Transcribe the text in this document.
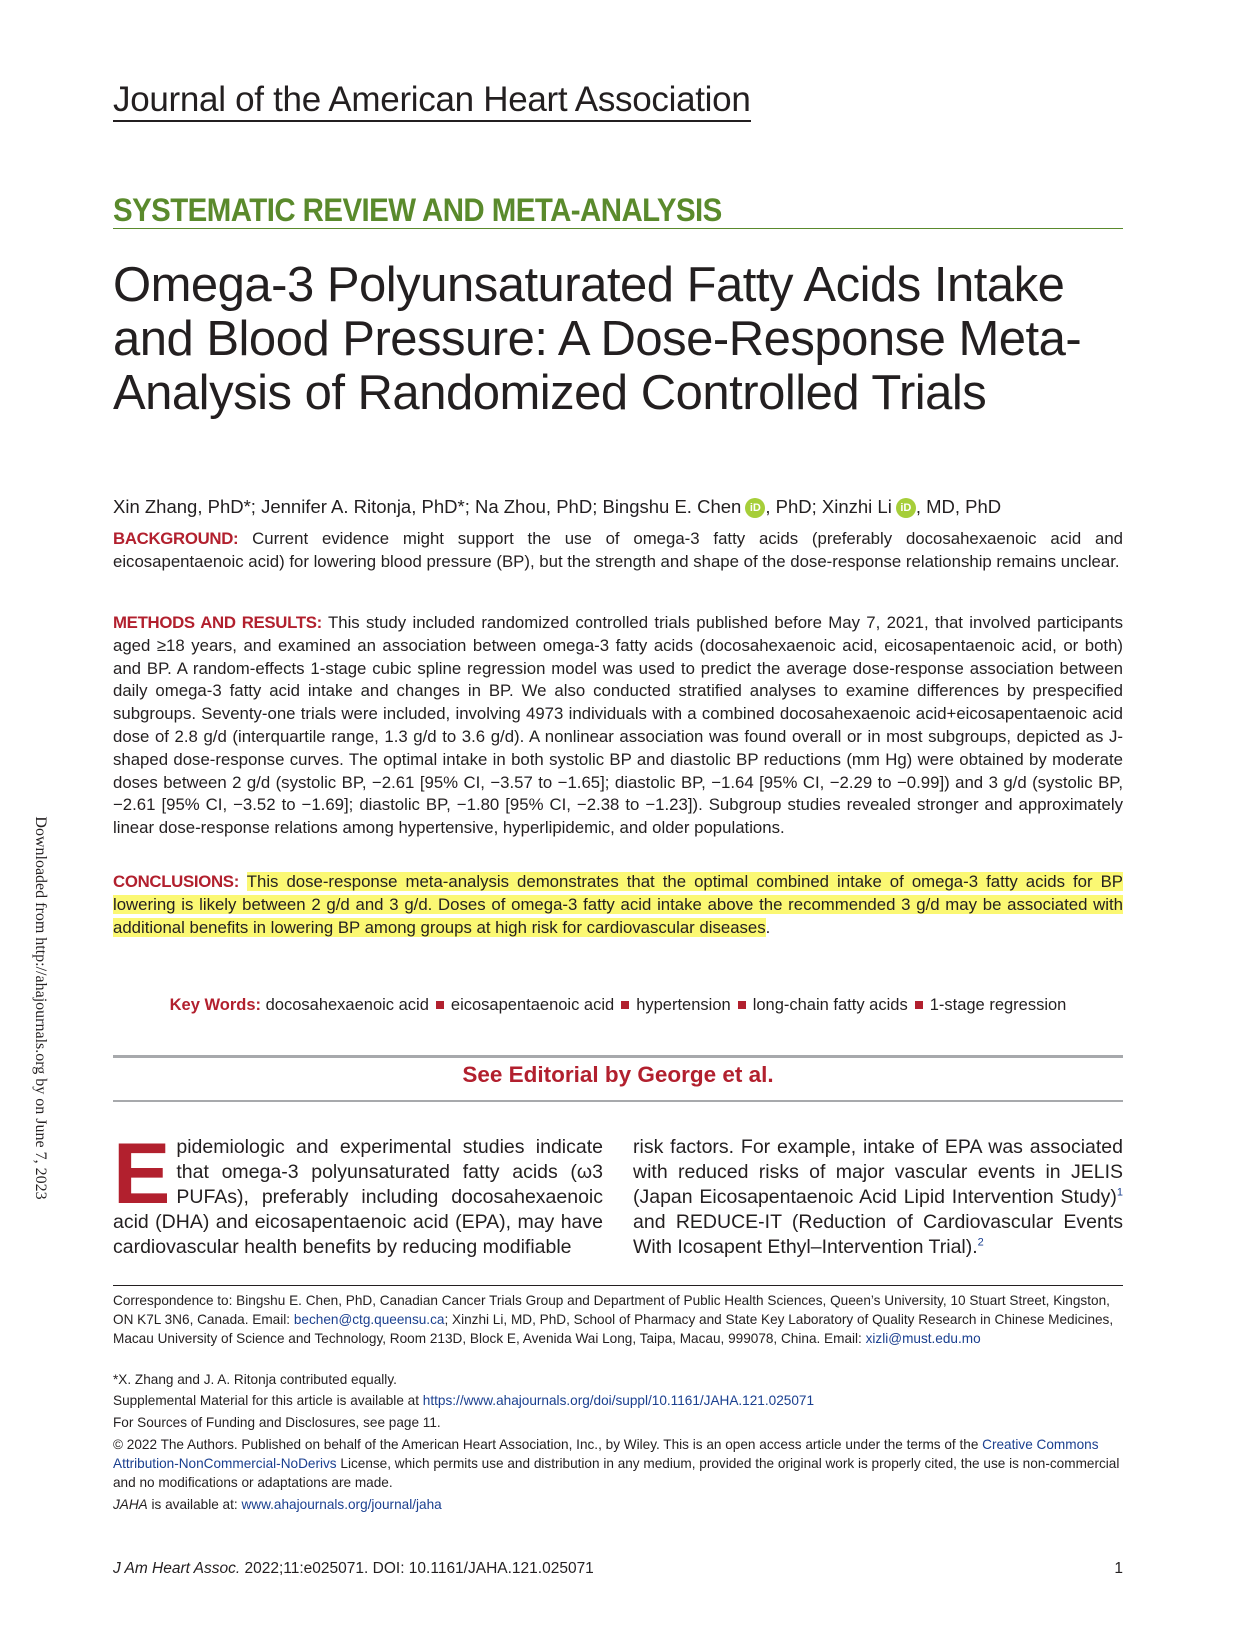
Journal of the American Heart Association
SYSTEMATIC REVIEW AND META-ANALYSIS
Omega-3 Polyunsaturated Fatty Acids Intake and Blood Pressure: A Dose-Response Meta-Analysis of Randomized Controlled Trials
Xin Zhang, PhD*; Jennifer A. Ritonja, PhD*; Na Zhou, PhD; Bingshu E. Chen iD , PhD; Xinzhi Li iD , MD, PhD
BACKGROUND: Current evidence might support the use of omega-3 fatty acids (preferably docosahexaenoic acid and eicosapentaenoic acid) for lowering blood pressure (BP), but the strength and shape of the dose-response relationship remains unclear.
METHODS AND RESULTS: This study included randomized controlled trials published before May 7, 2021, that involved participants aged ≥18 years, and examined an association between omega-3 fatty acids (docosahexaenoic acid, eicosapentaenoic acid, or both) and BP. A random-effects 1-stage cubic spline regression model was used to predict the average dose-response association between daily omega-3 fatty acid intake and changes in BP. We also conducted stratified analyses to examine differences by prespecified subgroups. Seventy-one trials were included, involving 4973 individuals with a combined docosahexaenoic acid+eicosapentaenoic acid dose of 2.8 g/d (interquartile range, 1.3 g/d to 3.6 g/d). A nonlinear association was found overall or in most subgroups, depicted as J-shaped dose-response curves. The optimal intake in both systolic BP and diastolic BP reductions (mm Hg) were obtained by moderate doses between 2 g/d (systolic BP, −2.61 [95% CI, −3.57 to −1.65]; diastolic BP, −1.64 [95% CI, −2.29 to −0.99]) and 3 g/d (systolic BP, −2.61 [95% CI, −3.52 to −1.69]; diastolic BP, −1.80 [95% CI, −2.38 to −1.23]). Subgroup studies revealed stronger and approximately linear dose-response relations among hypertensive, hyperlipidemic, and older populations.
CONCLUSIONS: This dose-response meta-analysis demonstrates that the optimal combined intake of omega-3 fatty acids for BP lowering is likely between 2 g/d and 3 g/d. Doses of omega-3 fatty acid intake above the recommended 3 g/d may be associated with additional benefits in lowering BP among groups at high risk for cardiovascular diseases.
Key Words: docosahexaenoic acid eicosapentaenoic acid hypertension long-chain fatty acids 1-stage regression
See Editorial by George et al.
Epidemiologic and experimental studies indicate that omega-3 polyunsaturated fatty acids (ω3 PUFAs), preferably including docosahexaenoic acid (DHA) and eicosapentaenoic acid (EPA), may have cardiovascular health benefits by reducing modifiable
risk factors. For example, intake of EPA was associated with reduced risks of major vascular events in JELIS (Japan Eicosapentaenoic Acid Lipid Intervention Study)$^1$ and REDUCE-IT (Reduction of Cardiovascular Events With Icosapent Ethyl–Intervention Trial).$^2$
Correspondence to: Bingshu E. Chen, PhD, Canadian Cancer Trials Group and Department of Public Health Sciences, Queen’s University, 10 Stuart Street, Kingston, ON K7L 3N6, Canada. Email: bechen@ctg.queensu.ca; Xinzhi Li, MD, PhD, School of Pharmacy and State Key Laboratory of Quality Research in Chinese Medicines, Macau University of Science and Technology, Room 213D, Block E, Avenida Wai Long, Taipa, Macau, 999078, China. Email: xizli@must.edu.mo
*X. Zhang and J. A. Ritonja contributed equally.
Supplemental Material for this article is available at https://www.ahajournals.org/doi/suppl/10.1161/JAHA.121.025071
For Sources of Funding and Disclosures, see page 11.
© 2022 The Authors. Published on behalf of the American Heart Association, Inc., by Wiley. This is an open access article under the terms of the Creative Commons Attribution-NonCommercial-NoDerivs License, which permits use and distribution in any medium, provided the original work is properly cited, the use is non-commercial and no modifications or adaptations are made.
JAHA is available at: www.ahajournals.org/journal/jaha
J Am Heart Assoc. 2022;11:e025071. DOI: 10.1161/JAHA.121.025071	1
Downloaded from http://ahajournals.org by on June 7, 2023
